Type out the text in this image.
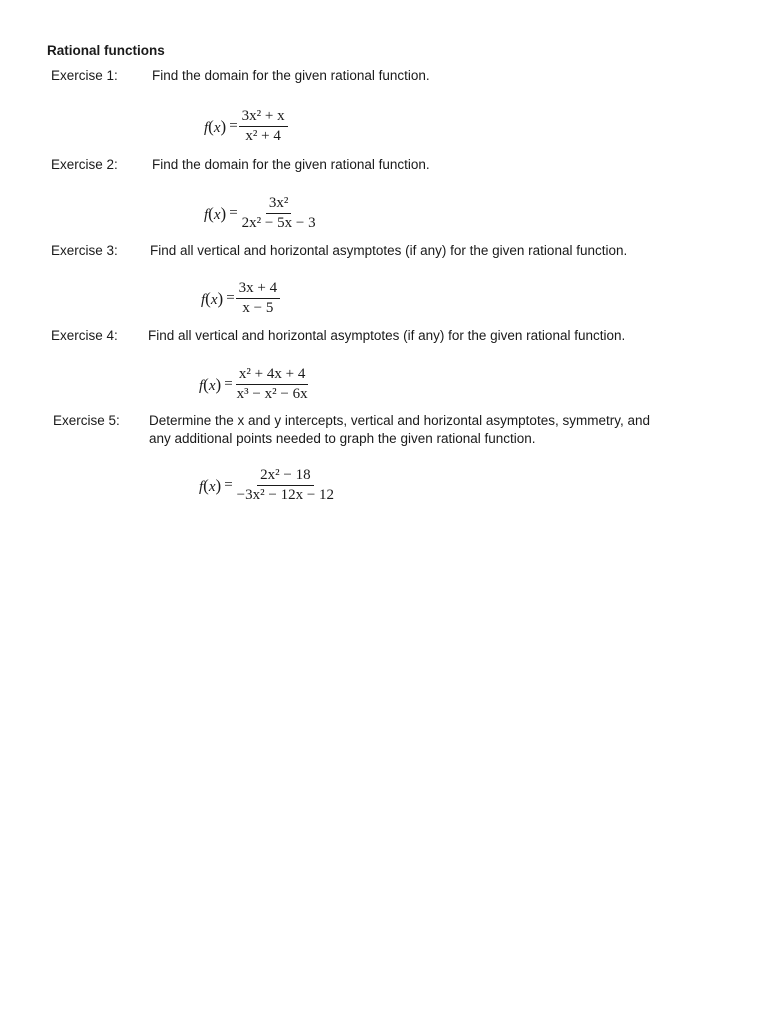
Rational functions
Exercise 1:	Find the domain for the given rational function.
$f(x) = \frac{\text{3x² + x}}{\text{x² + 4}}$
Exercise 2:	Find the domain for the given rational function.
$f(x) = \frac{\text{3x²}}{\text{2x² − 5x − 3}}$
Exercise 3: Find all vertical and horizontal asymptotes (if any) for the given rational function.
$f(x) = \frac{3x + 4}{x - 5}$
Exercise 4: Find all vertical and horizontal asymptotes (if any) for the given rational function.
$f(x) = \frac{\text{x² + 4x + 4}}{\text{x³ − x² − 6x}}$
Exercise 5: Determine the x and y intercepts, vertical and horizontal asymptotes, symmetry, and
any additional points needed to graph the given rational function.
$f(x) = \frac{\text{2x² − 18}}{\text{−3x² − 12x − 12}}$
